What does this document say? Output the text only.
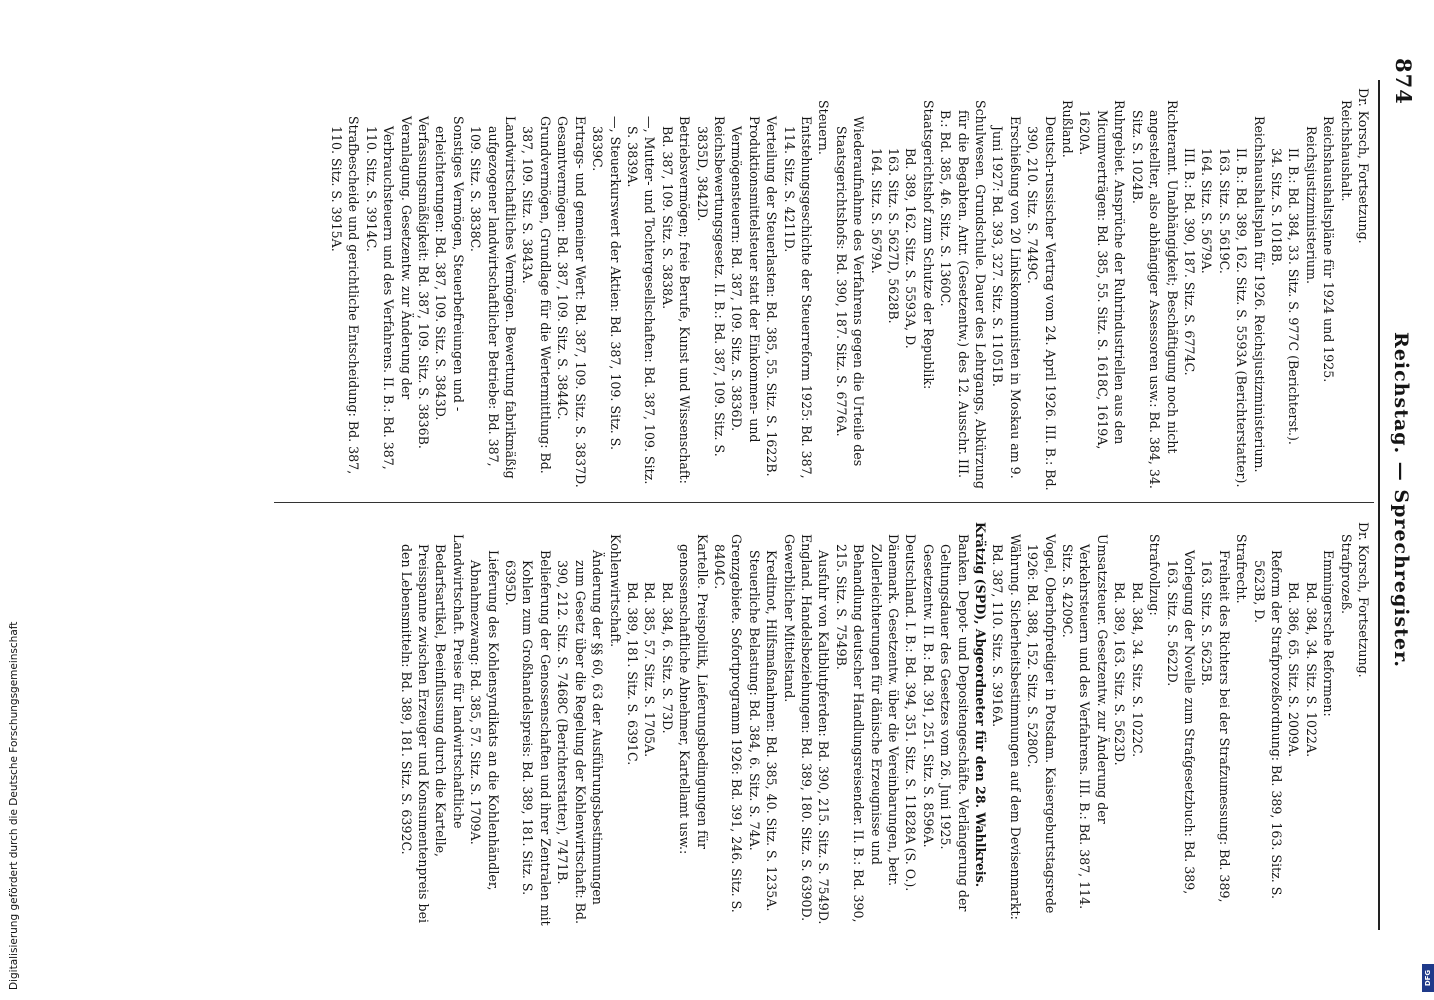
874
Reichstag. — Sprechregister.

Dr. Korsch, Fortsetzung.

Reichshaushalt.

Reichshaushaltspläne für 1924 und 1925. Reichsjustizministerium.

II. B.: Bd. 384, 33. Sitz. S. 977C (Berichterst.).

34. Sitz. S. 1018B.

Reichshaushaltsplan für 1926. Reichsjustizministerium.

II. B.: Bd. 389, 162. Sitz. S. 5593A (Berichterstatter).

163. Sitz. S. 5619C.

164. Sitz. S. 5679A.

III. B.: Bd. 390, 187. Sitz. S. 6774C.

Richteramt. Unabhängigkeit; Beschäftigung noch nicht angestellter, also abhängiger Assessoren usw.: Bd. 384, 34. Sitz. S. 1024B.

Ruhrgebiet. Ansprüche der Ruhrindustriellen aus den Micumverträgen: Bd. 385, 55. Sitz. S. 1618C, 1619A, 1620A.

Rußland.

Deutsch-russischer Vertrag vom 24. April 1926. III. B.: Bd. 390, 210. Sitz. S. 7449C.

Erschießung von 20 Linkskommunisten in Moskau am 9. Juni 1927: Bd. 393, 327. Sitz. S. 11051B.

Schulwesen. Grundschule. Dauer des Lehrgangs, Abkürzung für die Begabten. Antr. (Gesetzentw.) des 12. Ausschr. III. B.: Bd. 385, 46. Sitz. S. 1360C.

Staatsgerichtshof zum Schutze der Republik:

Bd. 389, 162. Sitz. S. 5593A, D.

163. Sitz. S. 5627D, 5628B.

164. Sitz. S. 5679A.

Wiederaufnahme des Verfahrens gegen die Urteile des Staatsgerichtshofs: Bd. 390, 187. Sitz. S. 6776A.

Steuern.

Entstehungsgeschichte der Steuerreform 1925: Bd. 387, 114. Sitz. S. 4211D.

Verteilung der Steuerlasten: Bd. 385, 55. Sitz. S. 1622B.

Produktionsmittelsteuer statt der Einkommen- und Vermögensteuern: Bd. 387, 109. Sitz. S. 3836D.

Reichsbewertungsgesetz. II. B.: Bd. 387, 109. Sitz. S. 3835D, 3842D.

Betriebsvermögen; freie Berufe, Kunst und Wissenschaft: Bd. 387, 109. Sitz. S. 3838A.

—, Mutter- und Tochtergesellschaften: Bd. 387, 109. Sitz. S. 3839A.

—, Steuerkurswert der Aktien: Bd. 387, 109. Sitz. S. 3839C.

Ertrags- und gemeiner Wert: Bd. 387, 109. Sitz. S. 3837D.

Gesamtvermögen: Bd. 387, 109. Sitz. S. 3844C.

Grundvermögen, Grundlage für die Wertermittlung: Bd. 387, 109. Sitz. S. 3843A.

Landwirtschaftliches Vermögen. Bewertung fabrikmäßig aufgezogener landwirtschaftlicher Betriebe: Bd. 387, 109. Sitz. S. 3838C.

Sonstiges Vermögen, Steuerbefreiungen und -erleichterungen: Bd. 387, 109. Sitz. S. 3843D.

Verfassungsmäßigkeit: Bd. 387, 109. Sitz. S. 3836B.

Veranlagung. Gesetzentw. zur Änderung der Verbrauchsteuern und des Verfahrens. II. B.: Bd. 387, 110. Sitz. S. 3914C.

Strafbescheide und gerichtliche Entscheidung: Bd. 387, 110. Sitz. S. 3915A.

Dr. Korsch, Fortsetzung.

Strafprozeß.

Emmingersche Reformen:

Bd. 384, 34. Sitz. S. 1022A.

Bd. 386, 65. Sitz. S. 2009A.

Reform der Strafprozeßordnung: Bd. 389, 163. Sitz. S. 5623B, D.

Strafrecht.

Freiheit des Richters bei der Strafzumessung: Bd. 389, 163. Sitz. S. 5625B.

Vorlegung der Novelle zum Strafgesetzbuch: Bd. 389, 163. Sitz. S. 5622D.

Strafvollzug:

Bd. 384, 34. Sitz. S. 1022C.

Bd. 389, 163. Sitz. S. 5623D.

Umsatzsteuer. Gesetzentw. zur Änderung der Verkehrsteuern und des Verfahrens. III. B.: Bd. 387, 114. Sitz. S. 4209C.

Vogel, Oberhofprediger in Potsdam. Kaisergeburtstagsrede 1926: Bd. 388, 152. Sitz. S. 5280C.

Währung. Sicherheitsbestimmungen auf dem Devisenmarkt: Bd. 387, 110. Sitz. S. 3916A.

Krätzig (SPD), Abgeordneter für den 28. Wahlkreis.

Banken. Depot- und Depositengeschäfte. Verlängerung der Geltungsdauer des Gesetzes vom 26. Juni 1925. Gesetzentw. II. B.: Bd. 391, 251. Sitz. S. 8596A.

Deutschland. I. B.: Bd. 394, 351. Sitz. S. 11828A (S. O.).

Dänemark. Gesetzentw. über die Vereinbarungen, betr. Zollerleichterungen für dänische Erzeugnisse und Behandlung deutscher Handlungsreisender. II. B.: Bd. 390, 215. Sitz. S. 7549B.

Ausfuhr von Kaltblutpferden: Bd. 390, 215. Sitz. S. 7549D.

England. Handelsbeziehungen: Bd. 389, 180. Sitz. S. 6390D.

Gewerblicher Mittelstand.

Kreditnot, Hilfsmaßnahmen: Bd. 385, 40. Sitz. S. 1235A.

Steuerliche Belastung: Bd. 384, 6. Sitz. S. 74A.

Grenzgebiete. Sofortprogramm 1926: Bd. 391, 246. Sitz. S. 8404C.

Kartelle. Preispolitik, Lieferungsbedingungen für genossenschaftliche Abnehmer, Kartellamt usw.:

Bd. 384, 6. Sitz. S. 73D.

Bd. 385, 57. Sitz. S. 1705A.

Bd. 389, 181. Sitz. S. 6391C.

Kohlenwirtschaft.

Änderung der §§ 60, 63 der Ausführungsbestimmungen zum Gesetz über die Regelung der Kohlenwirtschaft: Bd. 390, 212. Sitz. S. 7468C (Berichterstatter), 7471B.

Belieferung der Genossenschaften und ihrer Zentralen mit Kohlen zum Großhandelspreis: Bd. 389, 181. Sitz. S. 6395D.

Lieferung des Kohlensyndikats an die Kohlenhändler, Abnahmezwang: Bd. 385, 57. Sitz. S. 1709A.

Landwirtschaft. Preise für landwirtschaftliche Bedarfsartikel, Beeinflussung durch die Kartelle, Preisspanne zwischen Erzeuger und Konsumentenpreis bei den Lebensmitteln: Bd. 389, 181. Sitz. S. 6392C.

Digitalisierung gefördert durch die Deutsche Forschungsgemeinschaft	DFG
